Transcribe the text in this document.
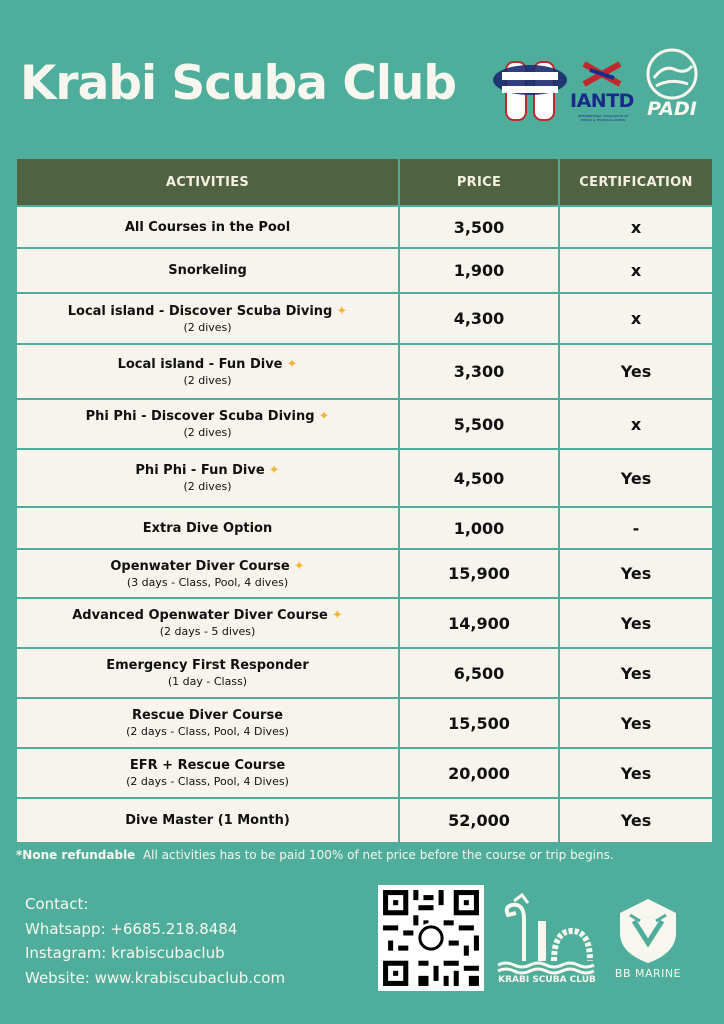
Krabi Scuba Club	IANTD
INTERNATIONAL ASSOCIATION OF NITROX & TECHNICAL DIVERS PADI
ACTIVITIES	PRICE	CERTIFICATION

All Courses in the Pool	3,500	x

Snorkeling	1,900	x

Local island - Discover Scuba Diving ✦
(2 dives)	4,300	x

Local island - Fun Dive ✦
(2 dives)	3,300	Yes

Phi Phi - Discover Scuba Diving ✦
(2 dives)	5,500	x

Phi Phi - Fun Dive ✦
(2 dives)	4,500	Yes

Extra Dive Option	1,000	-

Openwater Diver Course ✦
(3 days - Class, Pool, 4 dives)	15,900	Yes

Advanced Openwater Diver Course ✦
(2 days - 5 dives)	14,900	Yes

Emergency First Responder
(1 day - Class)	6,500	Yes

Rescue Diver Course
(2 days - Class, Pool, 4 Dives)	15,500	Yes

EFR + Rescue Course
(2 days - Class, Pool, 4 Dives)	20,000	Yes

Dive Master (1 Month)	52,000	Yes
*None refundable All activities has to be paid 100% of net price before the course or trip begins.
Contact:
Whatsapp: +6685.218.8484
Instagram: krabiscubaclub
Website: www.krabiscubaclub.com	KRABI SCUBA CLUB	BB MARINE
